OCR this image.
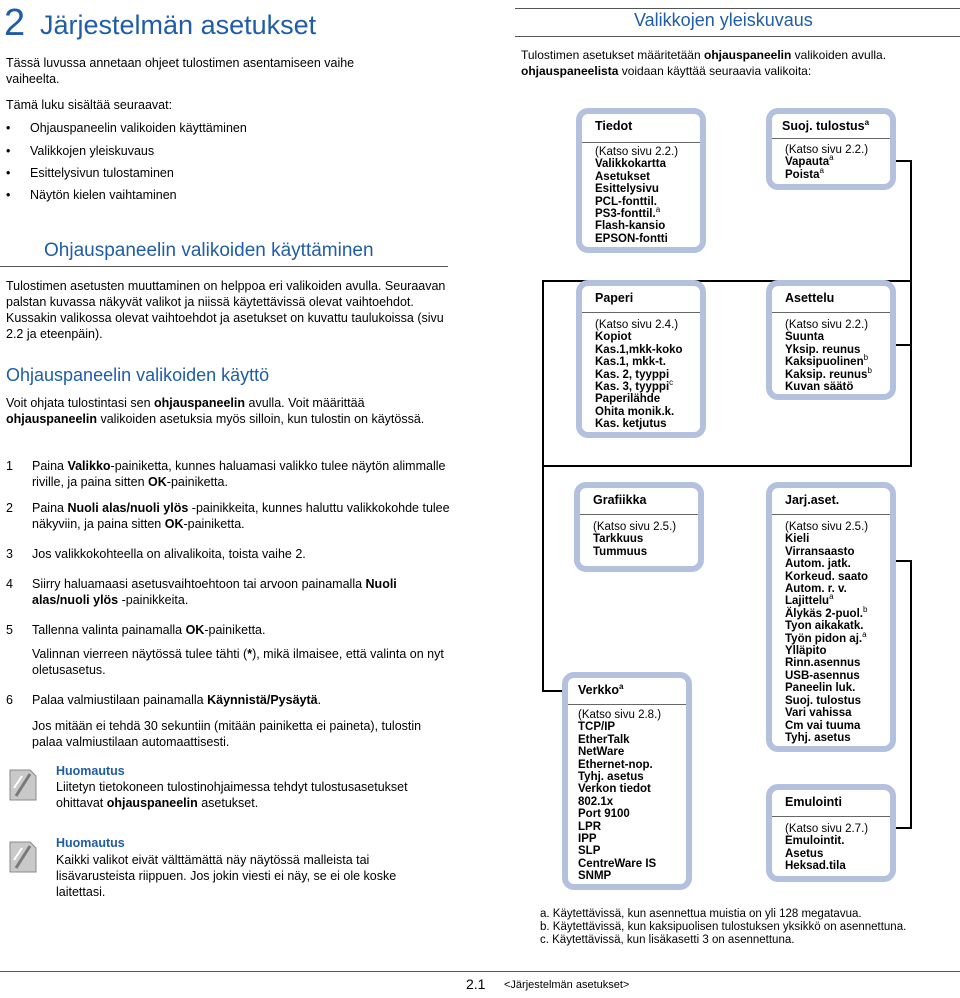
2 Järjestelmän asetukset
Tässä luvussa annetaan ohjeet tulostimen asentamiseen vaihe vaiheelta.
Tämä luku sisältää seuraavat:
• Ohjauspaneelin valikoiden käyttäminen
• Valikkojen yleiskuvaus
• Esittelysivun tulostaminen
• Näytön kielen vaihtaminen
Ohjauspaneelin valikoiden käyttäminen
Tulostimen asetusten muuttaminen on helppoa eri valikoiden avulla. Seuraavan palstan kuvassa näkyvät valikot ja niissä käytettävissä olevat vaihtoehdot. Kussakin valikossa olevat vaihtoehdot ja asetukset on kuvattu taulukoissa (sivu 2.2 ja eteenpäin).
Ohjauspaneelin valikoiden käyttö
Voit ohjata tulostintasi sen ohjauspaneelin avulla. Voit määrittää ohjauspaneelin valikoiden asetuksia myös silloin, kun tulostin on käytössä.
1 Paina Valikko-painiketta, kunnes haluamasi valikko tulee näytön alimmalle riville, ja paina sitten OK-painiketta.
2 Paina Nuoli alas/nuoli ylös -painikkeita, kunnes haluttu valikkokohde tulee näkyviin, ja paina sitten OK-painiketta.
3 Jos valikkokohteella on alivalikoita, toista vaihe 2.
4 Siirry haluamaasi asetusvaihtoehtoon tai arvoon painamalla Nuoli alas/nuoli ylös -painikkeita.
5 Tallenna valinta painamalla OK-painiketta.
Valinnan vierreen näytössä tulee tähti (*), mikä ilmaisee, että valinta on nyt oletusasetus.
6 Palaa valmiustilaan painamalla Käynnistä/Pysäytä.
Jos mitään ei tehdä 30 sekuntiin (mitään painiketta ei paineta), tulostin palaa valmiustilaan automaattisesti.
Huomautus
Liitetyn tietokoneen tulostinohjaimessa tehdyt tulostusasetukset ohittavat ohjauspaneelin asetukset.
Huomautus
Kaikki valikot eivät välttämättä näy näytössä malleista tai lisävarusteista riippuen. Jos jokin viesti ei näy, se ei ole koske laitettasi.
Valikkojen yleiskuvaus
Tulostimen asetukset määritetään ohjauspaneelin valikoiden avulla.
ohjauspaneelista voidaan käyttää seuraavia valikoita:
Tiedot
(Katso sivu 2.2.)
Valikkokartta
Asetukset
Esittelysivu
PCL-fonttil.
PS3-fonttil.$^a$
Flash-kansio
EPSON-fontti
Suoj. tulostus$^a$
(Katso sivu 2.2.)
Vapauta$^a$
Poista$^a$
Paperi
(Katso sivu 2.4.)
Kopiot
Kas.1,mkk-koko
Kas.1, mkk-t.
Kas. 2, tyyppi
Kas. 3, tyyppi$^c$
Paperilähde
Ohita monik.k.
Kas. ketjutus
Asettelu
(Katso sivu 2.2.)
Suunta
Yksip. reunus
Kaksipuolinen$^b$
Kaksip. reunus$^b$
Kuvan säätö
Grafiikka
(Katso sivu 2.5.)
Tarkkuus
Tummuus
Jarj.aset.
(Katso sivu 2.5.)
Kieli
Virransaasto
Autom. jatk.
Korkeud. saato
Autom. r. v.
Lajittelu$^a$
Älykäs 2-puol.$^b$
Tyon aikakatk.
Työn pidon aj.$^a$
Ylläpito
Rinn.asennus
USB-asennus
Paneelin luk.
Suoj. tulostus
Vari vahissa
Cm vai tuuma
Tyhj. asetus
Verkko$^a$
(Katso sivu 2.8.)
TCP/IP
EtherTalk
NetWare
Ethernet-nop.
Tyhj. asetus
Verkon tiedot
802.1x
Port 9100
LPR
IPP
SLP
CentreWare IS
SNMP
Emulointi
(Katso sivu 2.7.)
Emulointit.
Asetus
Heksad.tila
a. Käytettävissä, kun asennettua muistia on yli 128 megatavua.
b. Käytettävissä, kun kaksipuolisen tulostuksen yksikkö on asennettuna.
c. Käytettävissä, kun lisäkasetti 3 on asennettuna.
2.1 <Järjestelmän asetukset>
